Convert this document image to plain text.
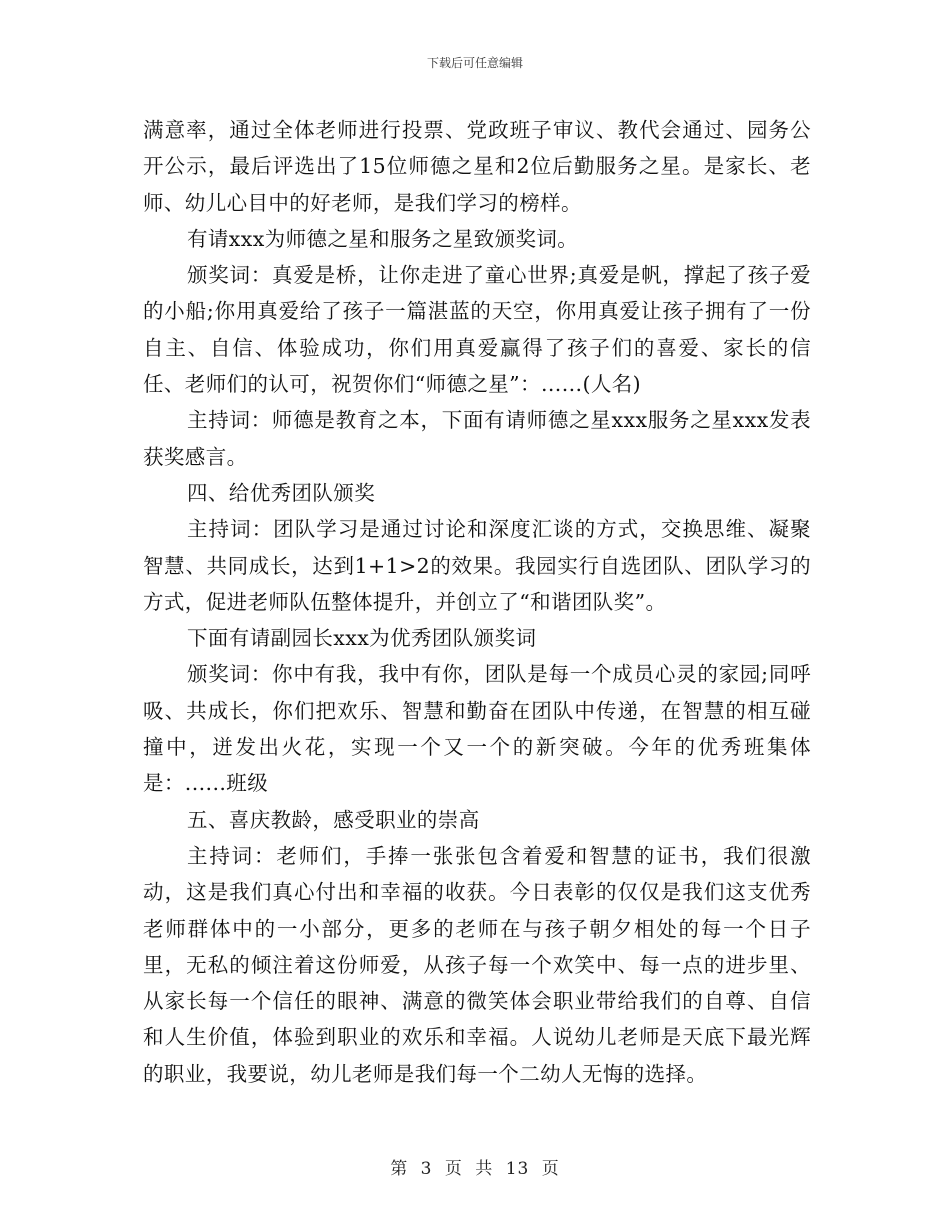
下载后可任意编辑

满意率，通过全体老师进行投票、党政班子审议、教代会通过、园务公开公示，最后评选出了15位师德之星和2位后勤服务之星。是家长、老师、幼儿心目中的好老师，是我们学习的榜样。

有请xxx为师德之星和服务之星致颁奖词。

颁奖词：真爱是桥，让你走进了童心世界;真爱是帆，撑起了孩子爱的小船;你用真爱给了孩子一篇湛蓝的天空，你用真爱让孩子拥有了一份自主、自信、体验成功，你们用真爱赢得了孩子们的喜爱、家长的信任、老师们的认可，祝贺你们“师德之星”：......(人名)

主持词：师德是教育之本，下面有请师德之星xxx服务之星xxx发表获奖感言。

四、给优秀团队颁奖

主持词：团队学习是通过讨论和深度汇谈的方式，交换思维、凝聚智慧、共同成长，达到1+1>2的效果。我园实行自选团队、团队学习的方式，促进老师队伍整体提升，并创立了“和谐团队奖”。

下面有请副园长xxx为优秀团队颁奖词

颁奖词：你中有我，我中有你，团队是每一个成员心灵的家园;同呼吸、共成长，你们把欢乐、智慧和勤奋在团队中传递，在智慧的相互碰撞中，迸发出火花，实现一个又一个的新突破。今年的优秀班集体是：......班级

五、喜庆教龄，感受职业的崇高

主持词：老师们，手捧一张张包含着爱和智慧的证书，我们很激动，这是我们真心付出和幸福的收获。今日表彰的仅仅是我们这支优秀老师群体中的一小部分，更多的老师在与孩子朝夕相处的每一个日子里，无私的倾注着这份师爱，从孩子每一个欢笑中、每一点的进步里、从家长每一个信任的眼神、满意的微笑体会职业带给我们的自尊、自信和人生价值，体验到职业的欢乐和幸福。人说幼儿老师是天底下最光辉的职业，我要说，幼儿老师是我们每一个二幼人无悔的选择。

第 3 页 共 13 页
